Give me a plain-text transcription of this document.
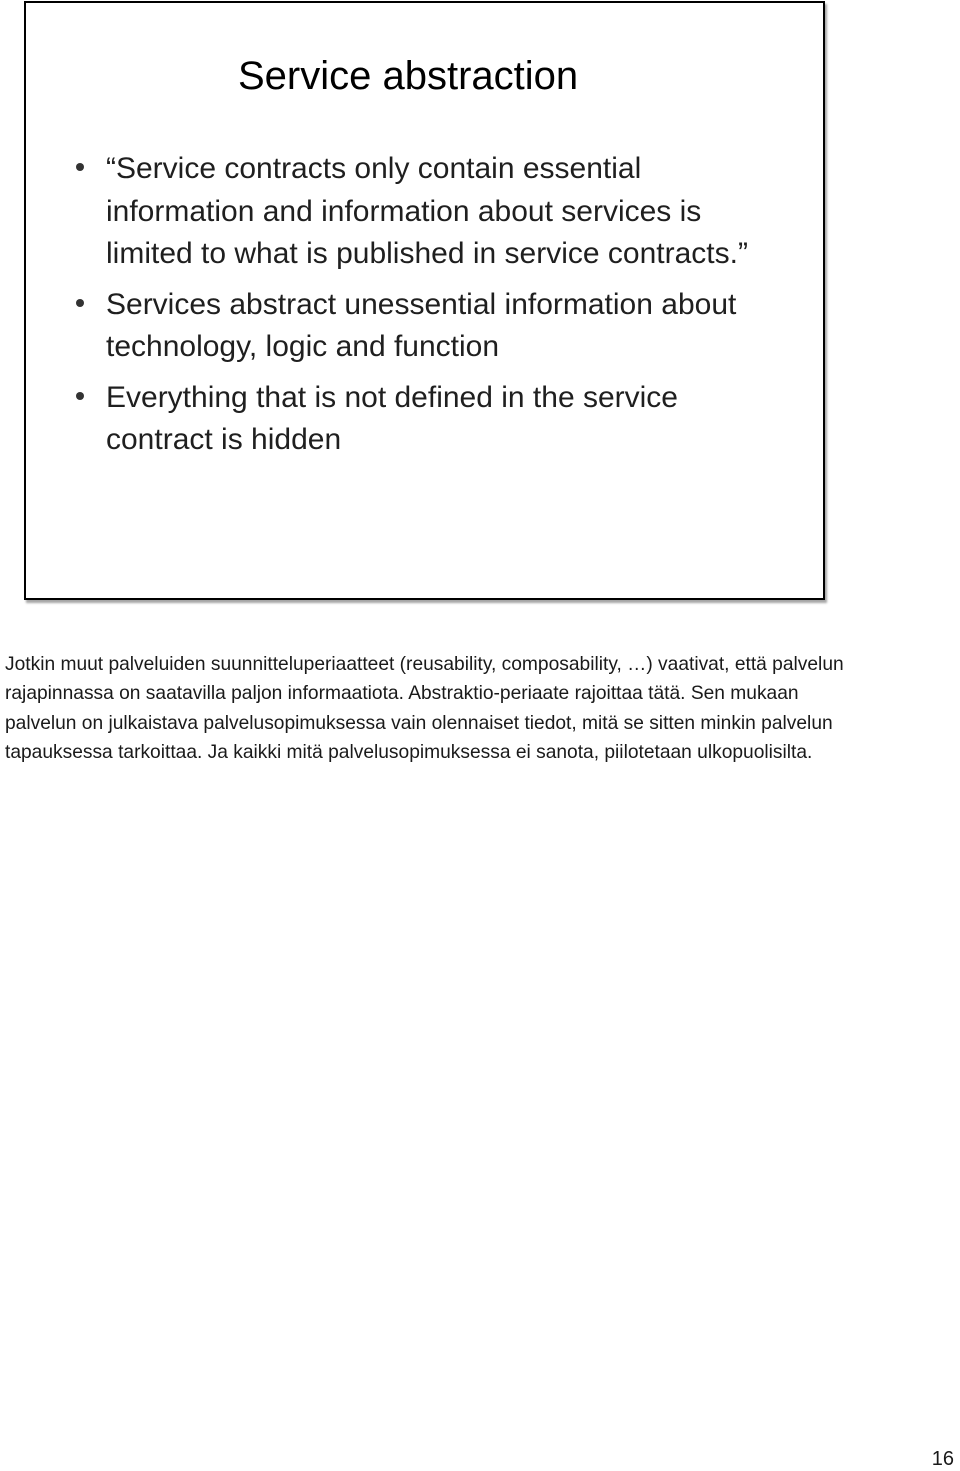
Service abstraction
“Service contracts only contain essential information and information about services is limited to what is published in service contracts.”
Services abstract unessential information about technology, logic and function
Everything that is not defined in the service contract is hidden

Jotkin muut palveluiden suunnitteluperiaatteet (reusability, composability, …) vaativat, että palvelun rajapinnassa on saatavilla paljon informaatiota. Abstraktio-periaate rajoittaa tätä. Sen mukaan palvelun on julkaistava palvelusopimuksessa vain olennaiset tiedot, mitä se sitten minkin palvelun tapauksessa tarkoittaa. Ja kaikki mitä palvelusopimuksessa ei sanota, piilotetaan ulkopuolisilta.

16
